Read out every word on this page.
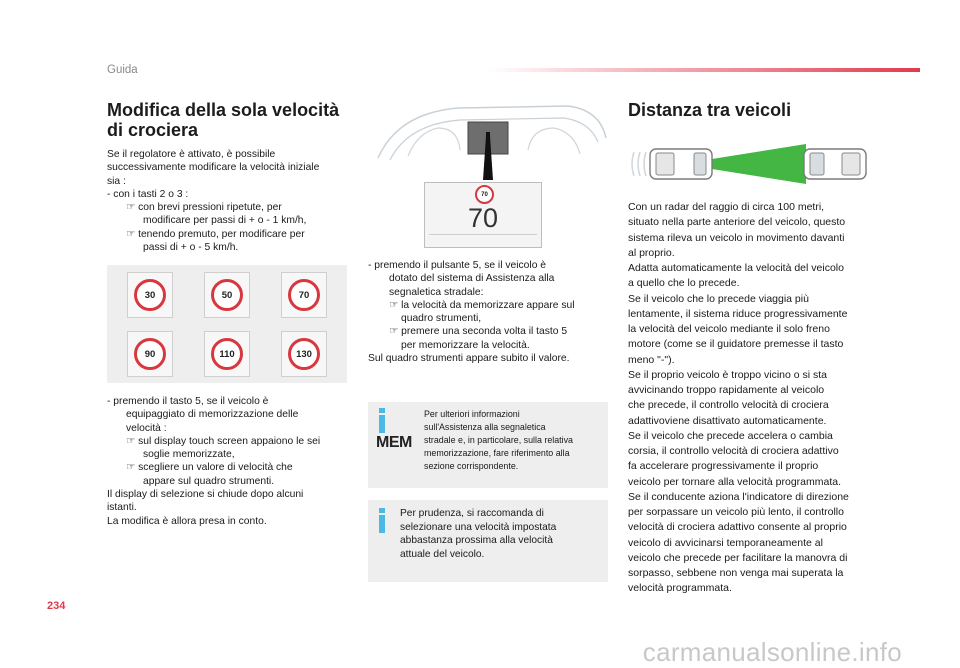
Guida
Modifica della sola velocità
di crociera

Se il regolatore è attivato, è possibile

successivamente modificare la velocità iniziale

sia :

- con i tasti 2 o 3 :

☞ con brevi pressioni ripetute, per

modificare per passi di + o - 1 km/h,

☞ tenendo premuto, per modificare per

passi di + o - 5 km/h.

30	50	70
90	110	130

- premendo il tasto 5, se il veicolo è

equipaggiato di memorizzazione delle

velocità :

☞ sul display touch screen appaiono le sei

soglie memorizzate,

☞ scegliere un valore di velocità che

appare sul quadro strumenti.

Il display di selezione si chiude dopo alcuni

istanti.

La modifica è allora presa in conto.

70
70

- premendo il pulsante 5, se il veicolo è

dotato del sistema di Assistenza alla

segnaletica stradale:

☞ la velocità da memorizzare appare sul

quadro strumenti,

☞ premere una seconda volta il tasto 5

per memorizzare la velocità.

Sul quadro strumenti appare subito il valore.

MEM
Per ulteriori informazioni
sull'Assistenza alla segnaletica
stradale e, in particolare, sulla relativa
memorizzazione, fare riferimento alla
sezione corrispondente.
Per prudenza, si raccomanda di
selezionare una velocità impostata
abbastanza prossima alla velocità
attuale del veicolo.
Distanza tra veicoli
Con un radar del raggio di circa 100 metri,
situato nella parte anteriore del veicolo, questo
sistema rileva un veicolo in movimento davanti
al proprio.
Adatta automaticamente la velocità del veicolo
a quello che lo precede.
Se il veicolo che lo precede viaggia più
lentamente, il sistema riduce progressivamente
la velocità del veicolo mediante il solo freno
motore (come se il guidatore premesse il tasto
meno "-").
Se il proprio veicolo è troppo vicino o si sta
avvicinando troppo rapidamente al veicolo
che precede, il controllo velocità di crociera
adattivoviene disattivato automaticamente.
Se il veicolo che precede accelera o cambia
corsia, il controllo velocità di crociera adattivo
fa accelerare progressivamente il proprio
veicolo per tornare alla velocità programmata.
Se il conducente aziona l'indicatore di direzione
per sorpassare un veicolo più lento, il controllo
velocità di crociera adattivo consente al proprio
veicolo di avvicinarsi temporaneamente al
veicolo che precede per facilitare la manovra di
sorpasso, sebbene non venga mai superata la
velocità programmata.
234
carmanualsonline.info
